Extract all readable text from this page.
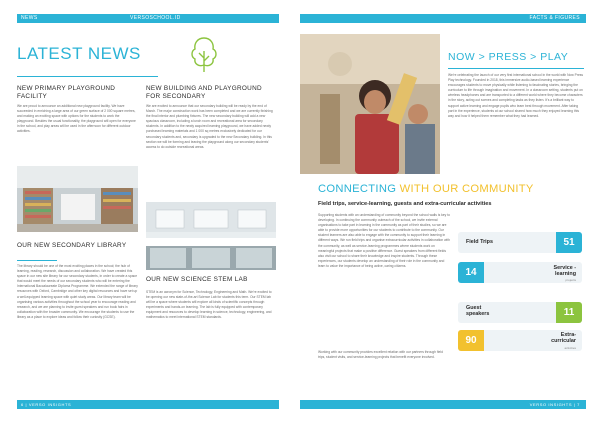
NEWS	VERSOSCHOOL.ID	FACTS & FIGURES
LATEST NEWS
NEW PRIMARY PLAYGROUND FACILITY
We are proud to announce an additional new playground facility. We have succeeded in enriching a large area of our green surface of 2 000 square metres, and making an exciting space with options for the students to work the playground. Besides the usual functionality, the playground will open for everyone in the school, and play areas will be used in the afternoon for different outdoor activities.
NEW BUILDING AND PLAYGROUND FOR SECONDARY
We are excited to announce that our secondary building will be ready by the end of March. The major construction work has been completed and we are currently finishing the final interior and plumbing fixtures. The new secondary building will add a new spacious classroom, including a lunch room and recreational area for secondary students. In addition to the newly acquired learning playground, we have added newly purchased learning materials and 1 000 sq metres exclusively dedicated for our secondary students and, secondary is upgraded to the new Secondary building. In this section we will be forming and leaving the playground along our secondary students' access to do outside recreational areas.
OUR NEW SECONDARY LIBRARY
The library should be one of the most exciting places in the school; the hub of learning, reading, research, discussion and collaboration. We have created this space in our new site library for our secondary students, in order to create a space that would meet the needs of our secondary students who will be entering the International Baccalaureate Diploma Programme. We extended the range of library resources with Oxford, Cambridge and other key digital resources and have set up a well-equipped learning space with quiet study areas. Our library team will be organising various activities throughout the school year to encourage reading and research, and we are planning to invite guest speakers and run book fairs in collaboration with the broader community. We encourage the students to use the library as a place to explore ideas and follow their curiosity (GCSE).
OUR NEW SCIENCE STEM LAB
STEM is an acronym for Science, Technology, Engineering and Math. We're excited to be opening our new state-of-the-art Science Lab for students this term. Our STEM lab will be a space where students will explore all kinds of scientific concepts through experiments and hands-on learning. The lab is fully equipped with contemporary equipment and resources to develop learning in science, technology, engineering, and mathematics to meet international STEM standards.
NOW > PRESS > PLAY
We're celebrating the launch of our very first international school in the world with Now Press Play technology. Founded in 2018, this immersive audio-based learning experience encourages students to move physically while listening to fascinating stories, bringing the curriculum to life through imagination and movement. In a classroom setting, students put on wireless headphones and are transported to a different world where they become characters in the story, acting out scenes and completing tasks as they listen. It's a brilliant way to support active learning and engage pupils who learn best through movement. After taking part in the experience, students at our school shared how much they enjoyed learning this way and how it helped them remember what they had learned.
CONNECTING WITH OUR COMMUNITY
Field trips, service-learning, guests and extra-curricular activities
Supporting students with an understanding of community beyond the school walls is key to developing. In continuing the community outreach of the school, we invite external organisations to take part in learning in the community as part of their studies, so we are able to provide more opportunities for our students to contribute to the community. Our student learners are also able to engage with the community to support their learning in different ways. We run field trips and organise extracurricular activities in collaboration with the community, as well as service-learning programmes where students work on meaningful projects that make a positive difference. Guest speakers from different fields also visit our school to share their knowledge and inspire students. Through these experiences, our students develop an understanding of their role in the community and learn to value the importance of being active, caring citizens.
Working with our community provides excellent relation with our partners through field trips, student visits, and service-learning projects that benefit everyone involved.
Field Trips	51
14	Service - learning
projects
Guest speakers	11
90	Extra-curricular
activities
6 | VERSO INSIGHTS	VERSO INSIGHTS | 7
